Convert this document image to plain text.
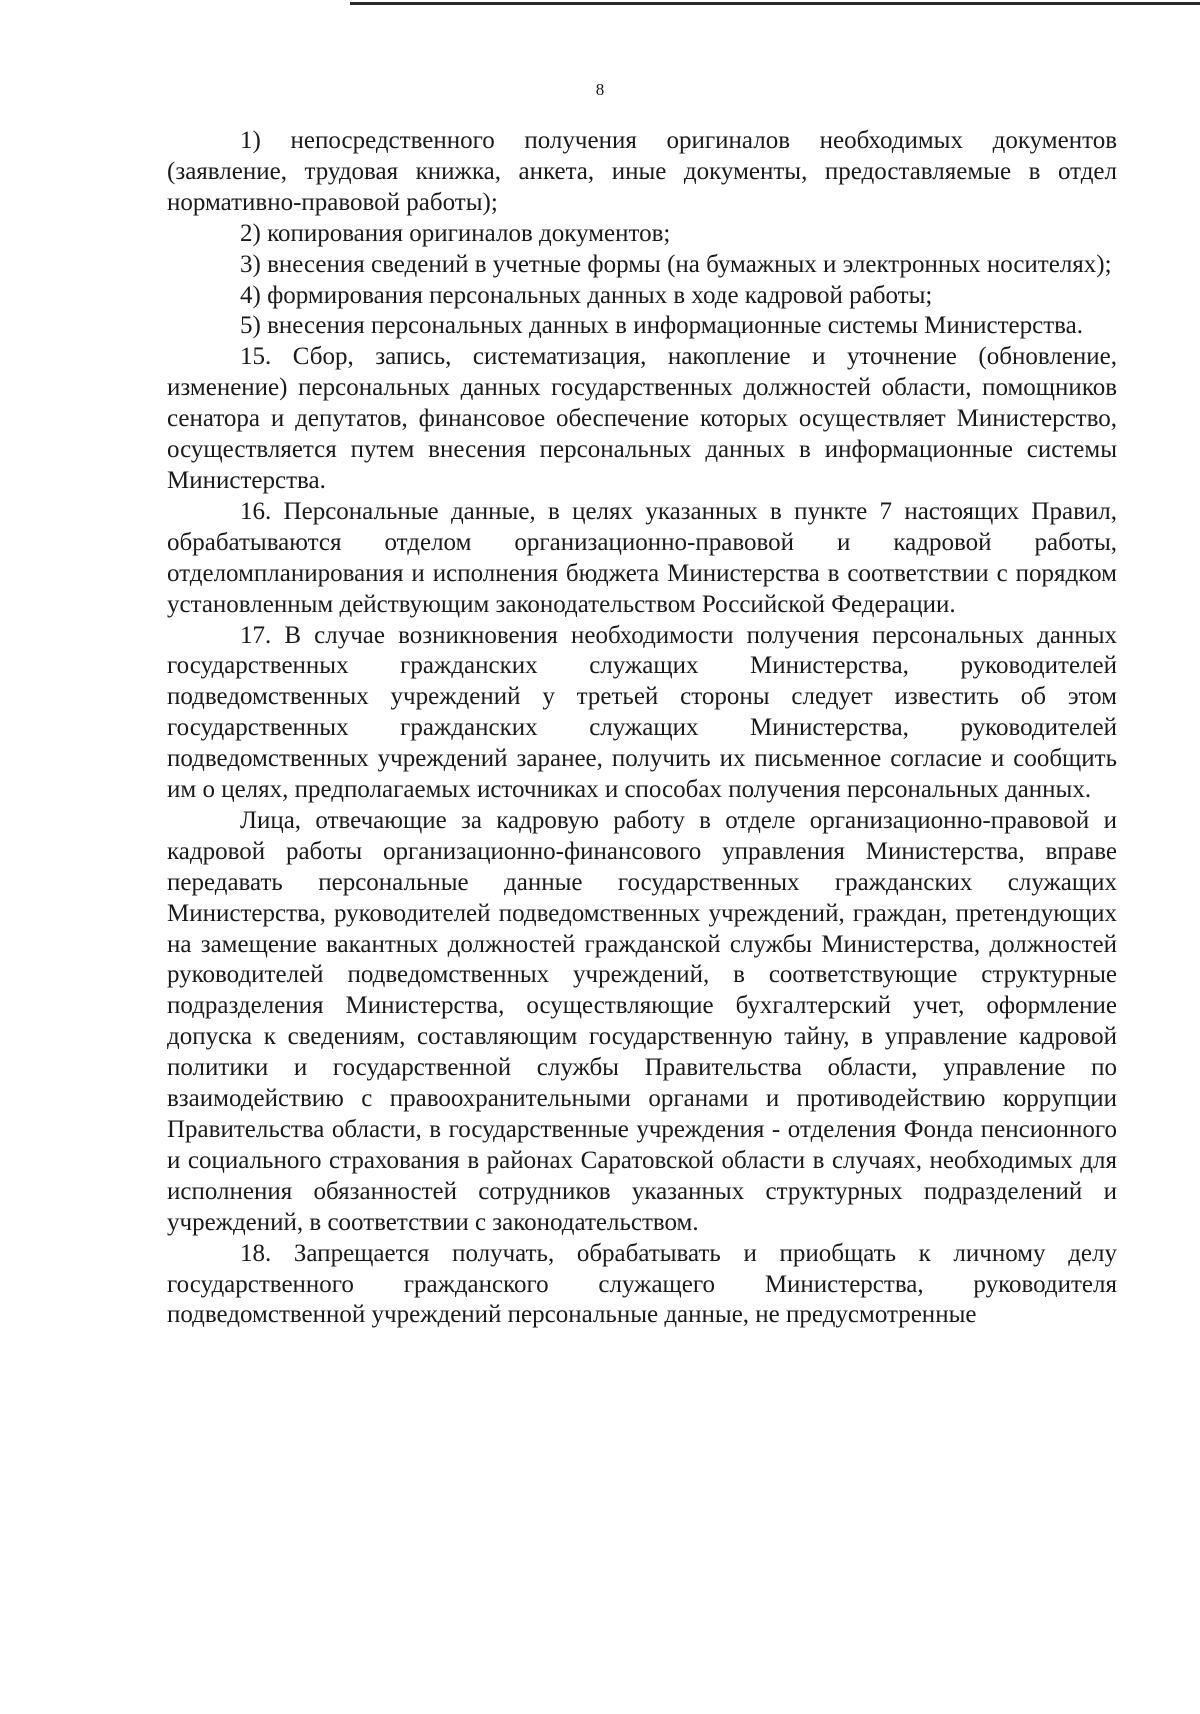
8

1) непосредственного получения оригиналов необходимых документов (заявление, трудовая книжка, анкета, иные документы, предоставляемые в отдел нормативно-правовой работы);

2) копирования оригиналов документов;

3) внесения сведений в учетные формы (на бумажных и электронных носителях);

4) формирования персональных данных в ходе кадровой работы;

5) внесения персональных данных в информационные системы Министерства.

15. Сбор, запись, систематизация, накопление и уточнение (обновление, изменение) персональных данных государственных должностей области, помощников сенатора и депутатов, финансовое обеспечение которых осуществляет Министерство, осуществляется путем внесения персональных данных в информационные системы Министерства.

16. Персональные данные, в целях указанных в пункте 7 настоящих Правил, обрабатываются отделом организационно-правовой и кадровой работы, отделомпланирования и исполнения бюджета Министерства в соответствии с порядком установленным действующим законодательством Российской Федерации.

17. В случае возникновения необходимости получения персональных данных государственных гражданских служащих Министерства, руководителей подведомственных учреждений у третьей стороны следует известить об этом государственных гражданских служащих Министерства, руководителей подведомственных учреждений заранее, получить их письменное согласие и сообщить им о целях, предполагаемых источниках и способах получения персональных данных.

Лица, отвечающие за кадровую работу в отделе организационно-правовой и кадровой работы организационно-финансового управления Министерства, вправе передавать персональные данные государственных гражданских служащих Министерства, руководителей подведомственных учреждений, граждан, претендующих на замещение вакантных должностей гражданской службы Министерства, должностей руководителей подведомственных учреждений, в соответствующие структурные подразделения Министерства, осуществляющие бухгалтерский учет, оформление допуска к сведениям, составляющим государственную тайну, в управление кадровой политики и государственной службы Правительства области, управление по взаимодействию с правоохранительными органами и противодействию коррупции Правительства области, в государственные учреждения - отделения Фонда пенсионного и социального страхования в районах Саратовской области в случаях, необходимых для исполнения обязанностей сотрудников указанных структурных подразделений и учреждений, в соответствии с законодательством.

18. Запрещается получать, обрабатывать и приобщать к личному делу государственного гражданского служащего Министерства, руководителя подведомственной учреждений персональные данные, не предусмотренные
